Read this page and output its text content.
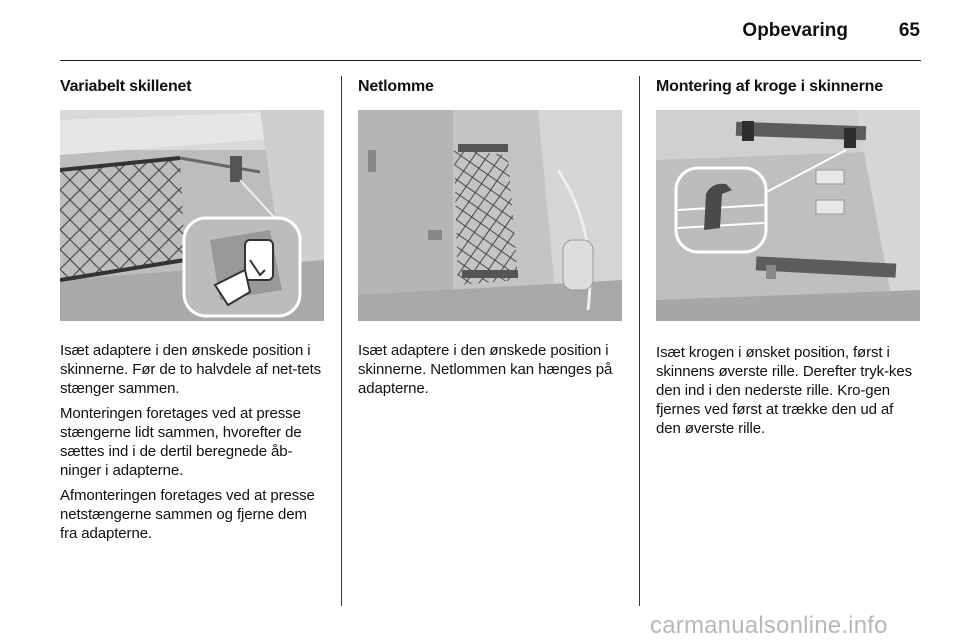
Opbevaring	65
Variabelt skillenet

Isæt adaptere i den ønskede position i skinnerne. Før de to halvdele af net-tets stænger sammen.

Monteringen foretages ved at presse stængerne lidt sammen, hvorefter de sættes ind i de dertil beregnede åb-ninger i adapterne.

Afmonteringen foretages ved at presse netstængerne sammen og fjerne dem fra adapterne.

Netlomme

Isæt adaptere i den ønskede position i skinnerne. Netlommen kan hænges på adapterne.

Montering af kroge i skinnerne

Isæt krogen i ønsket position, først i skinnens øverste rille. Derefter tryk-kes den ind i den nederste rille. Kro-gen fjernes ved først at trække den ud af den øverste rille.

carmanualsonline.info
